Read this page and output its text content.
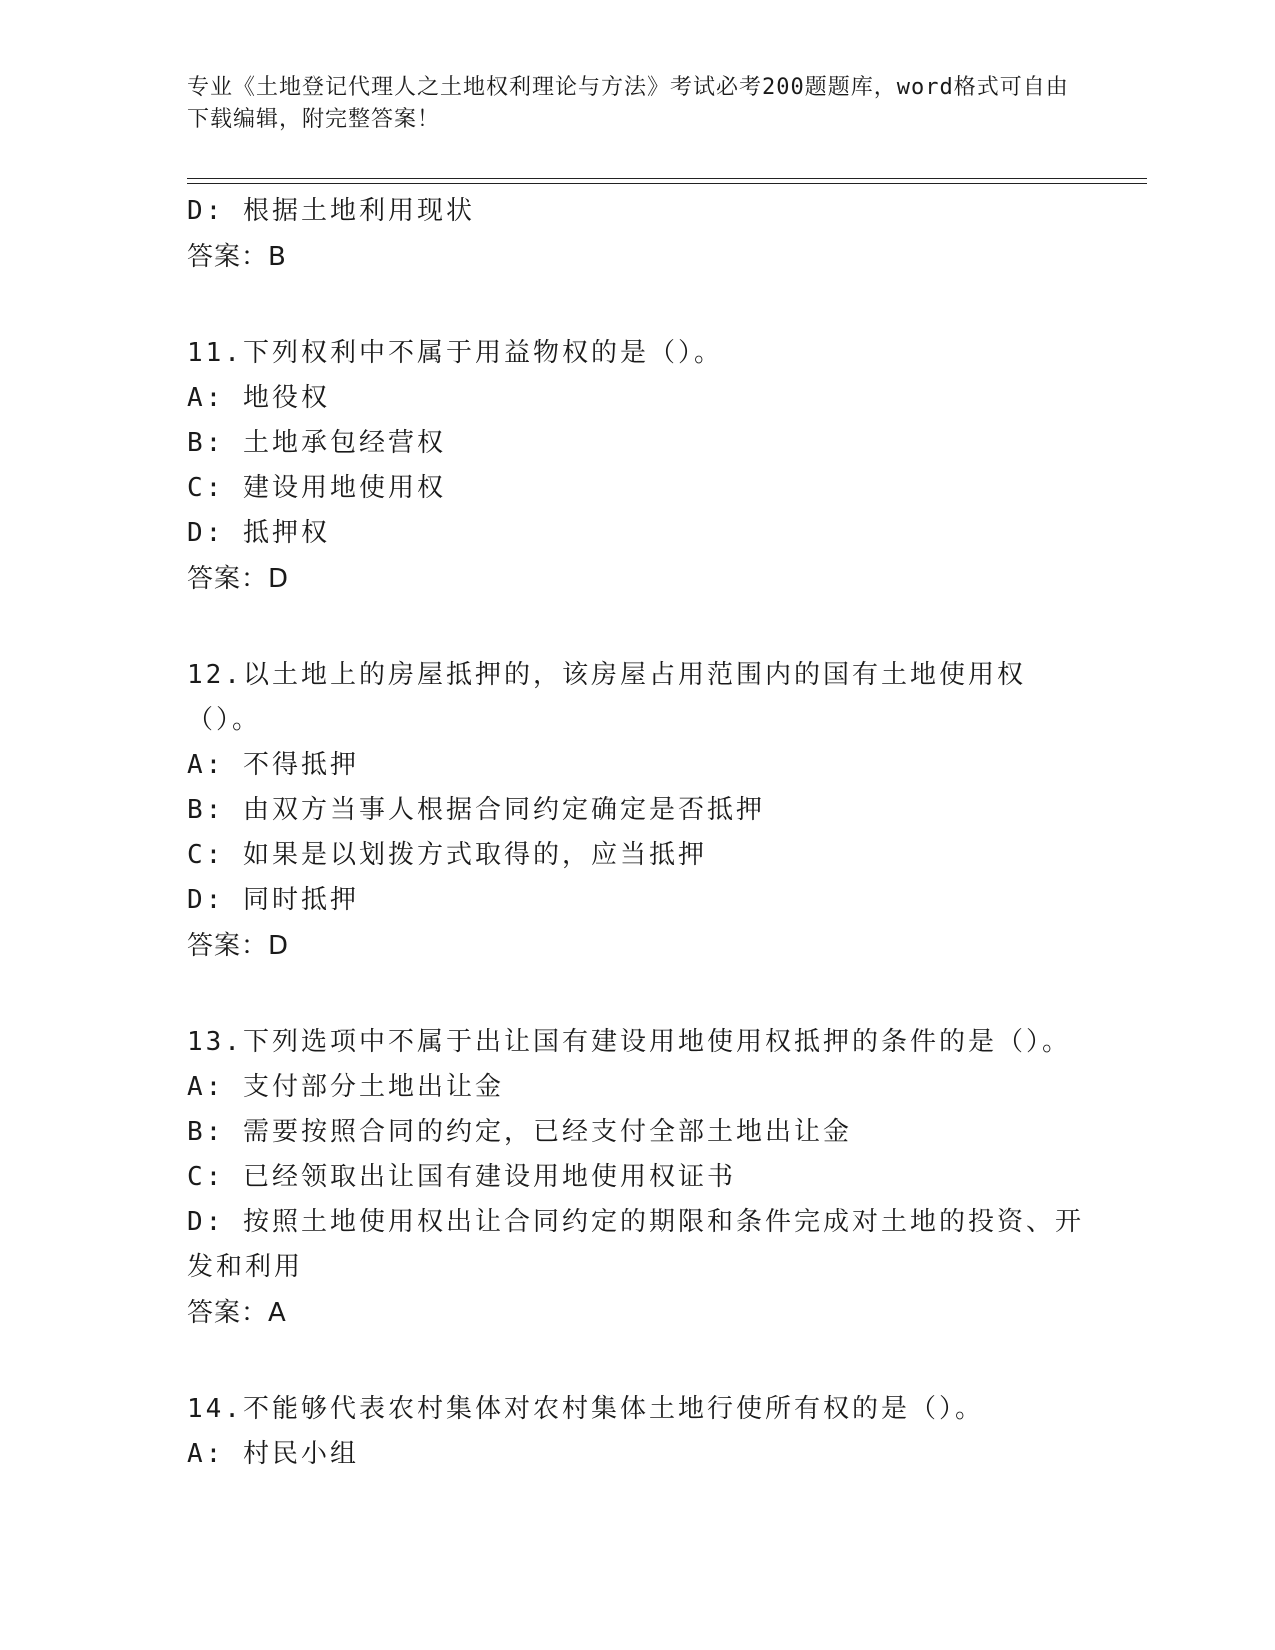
专业《土地登记代理人之土地权利理论与方法》考试必考200题题库，word格式可自由下载编辑，附完整答案！
D: 根据土地利用现状
答案：B
11.下列权利中不属于用益物权的是（）。
A: 地役权
B: 土地承包经营权
C: 建设用地使用权
D: 抵押权
答案：D
12.以土地上的房屋抵押的，该房屋占用范围内的国有土地使用权（）。
A: 不得抵押
B: 由双方当事人根据合同约定确定是否抵押
C: 如果是以划拨方式取得的，应当抵押
D: 同时抵押
答案：D
13.下列选项中不属于出让国有建设用地使用权抵押的条件的是（）。
A: 支付部分土地出让金
B: 需要按照合同的约定，已经支付全部土地出让金
C: 已经领取出让国有建设用地使用权证书
D: 按照土地使用权出让合同约定的期限和条件完成对土地的投资、开发和利用
答案：A
14.不能够代表农村集体对农村集体土地行使所有权的是（）。
A: 村民小组
